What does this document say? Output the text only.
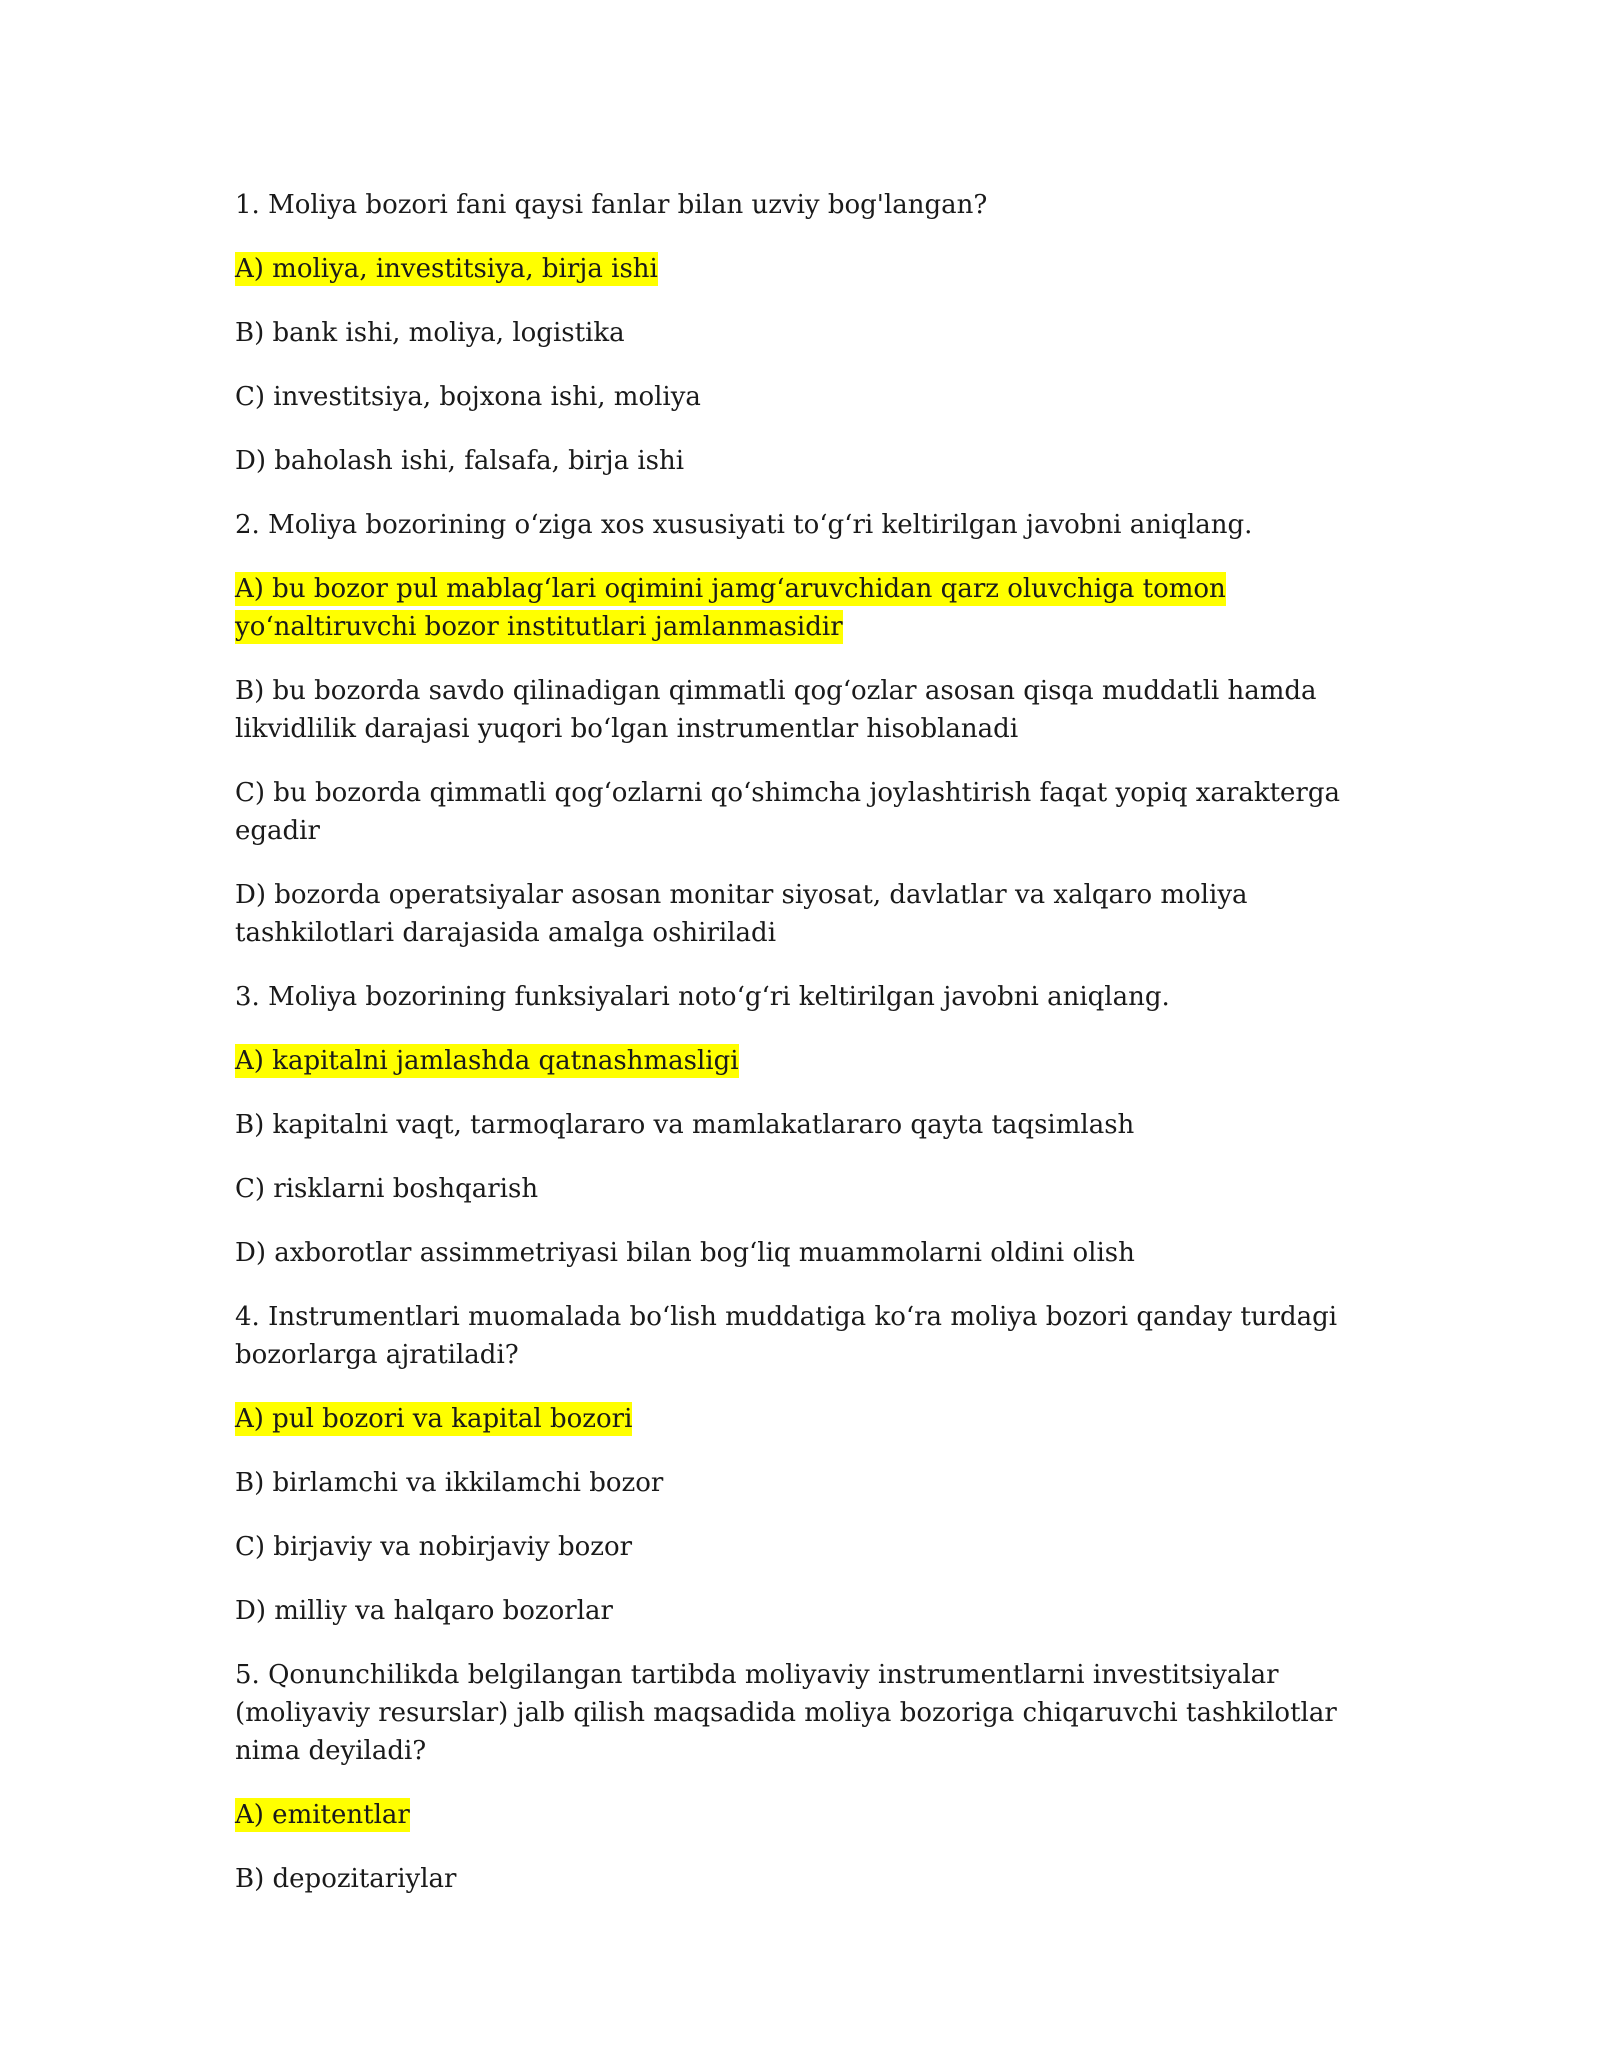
1. Moliya bozori fani qaysi fanlar bilan uzviy bog'langan?

A) moliya, investitsiya, birja ishi

B) bank ishi, moliya, logistika

C) investitsiya, bojxona ishi, moliya

D) baholash ishi, falsafa, birja ishi

2. Moliya bozorining o‘ziga xos xususiyati to‘g‘ri keltirilgan javobni aniqlang.

A) bu bozor pul mablag‘lari oqimini jamg‘aruvchidan qarz oluvchiga tomon yo‘naltiruvchi bozor institutlari jamlanmasidir

B) bu bozorda savdo qilinadigan qimmatli qog‘ozlar asosan qisqa muddatli hamda likvidlilik darajasi yuqori bo‘lgan instrumentlar hisoblanadi

C) bu bozorda qimmatli qog‘ozlarni qo‘shimcha joylashtirish faqat yopiq xarakterga egadir

D) bozorda operatsiyalar asosan monitar siyosat, davlatlar va xalqaro moliya tashkilotlari darajasida amalga oshiriladi

3. Moliya bozorining funksiyalari noto‘g‘ri keltirilgan javobni aniqlang.

A) kapitalni jamlashda qatnashmasligi

B) kapitalni vaqt, tarmoqlararo va mamlakatlararo qayta taqsimlash

C) risklarni boshqarish

D) axborotlar assimmetriyasi bilan bog‘liq muammolarni oldini olish

4. Instrumentlari muomalada bo‘lish muddatiga ko‘ra moliya bozori qanday turdagi bozorlarga ajratiladi?

A) pul bozori va kapital bozori

B) birlamchi va ikkilamchi bozor

C) birjaviy va nobirjaviy bozor

D) milliy va halqaro bozorlar

5. Qonunchilikda belgilangan tartibda moliyaviy instrumentlarni investitsiyalar (moliyaviy resurslar) jalb qilish maqsadida moliya bozoriga chiqaruvchi tashkilotlar nima deyiladi?

A) emitentlar

B) depozitariylar
